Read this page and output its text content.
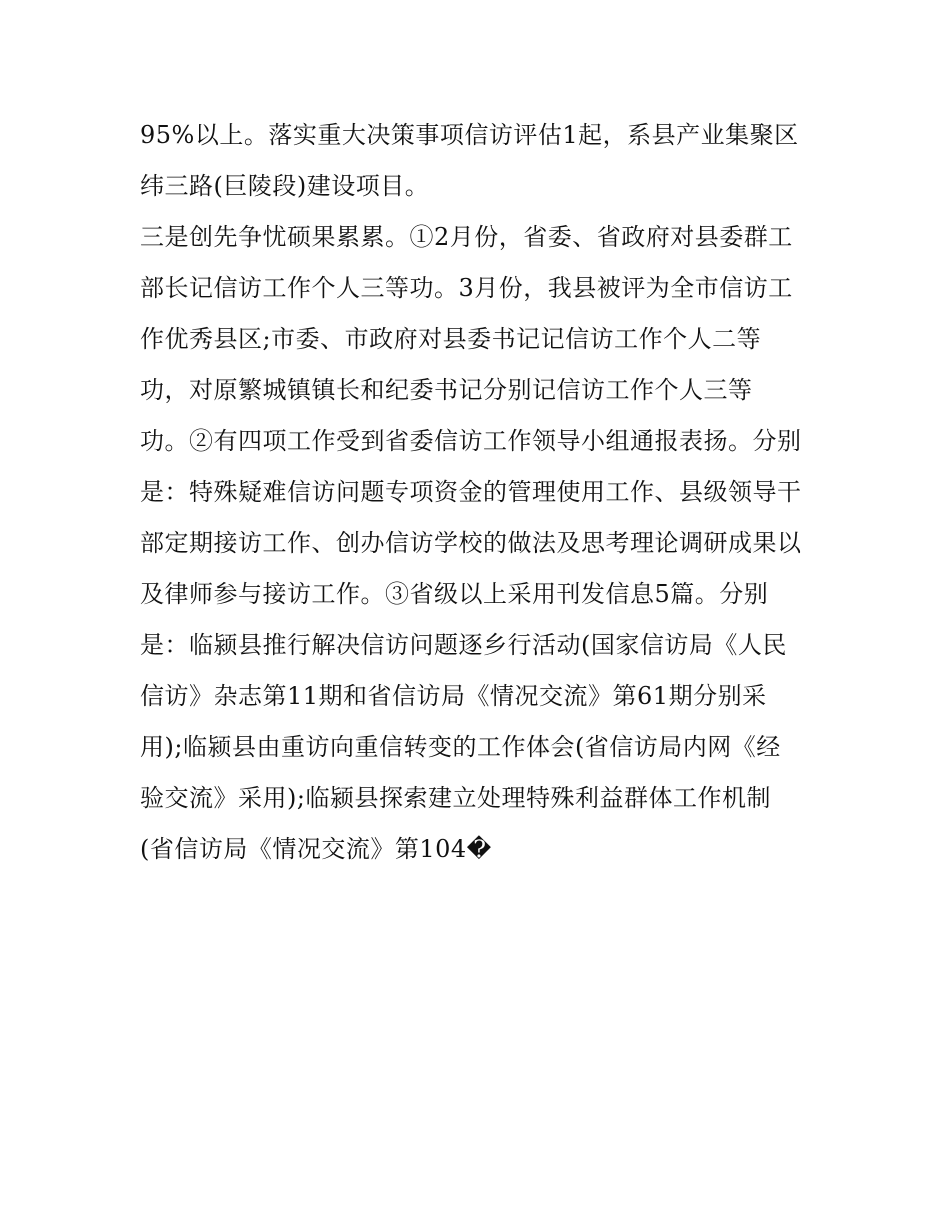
95%以上。落实重大决策事项信访评估1起，系县产业集聚区
纬三路(巨陵段)建设项目。
三是创先争忧硕果累累。①2月份，省委、省政府对县委群工
部长记信访工作个人三等功。3月份，我县被评为全市信访工
作优秀县区;市委、市政府对县委书记记信访工作个人二等
功，对原繁城镇镇长和纪委书记分别记信访工作个人三等
功。②有四项工作受到省委信访工作领导小组通报表扬。分别
是：特殊疑难信访问题专项资金的管理使用工作、县级领导干
部定期接访工作、创办信访学校的做法及思考理论调研成果以
及律师参与接访工作。③省级以上采用刊发信息5篇。分别
是：临颍县推行解决信访问题逐乡行活动(国家信访局《人民
信访》杂志第11期和省信访局《情况交流》第61期分别采
用);临颍县由重访向重信转变的工作体会(省信访局内网《经
验交流》采用);临颍县探索建立处理特殊利益群体工作机制
(省信访局《情况交流》第104�
